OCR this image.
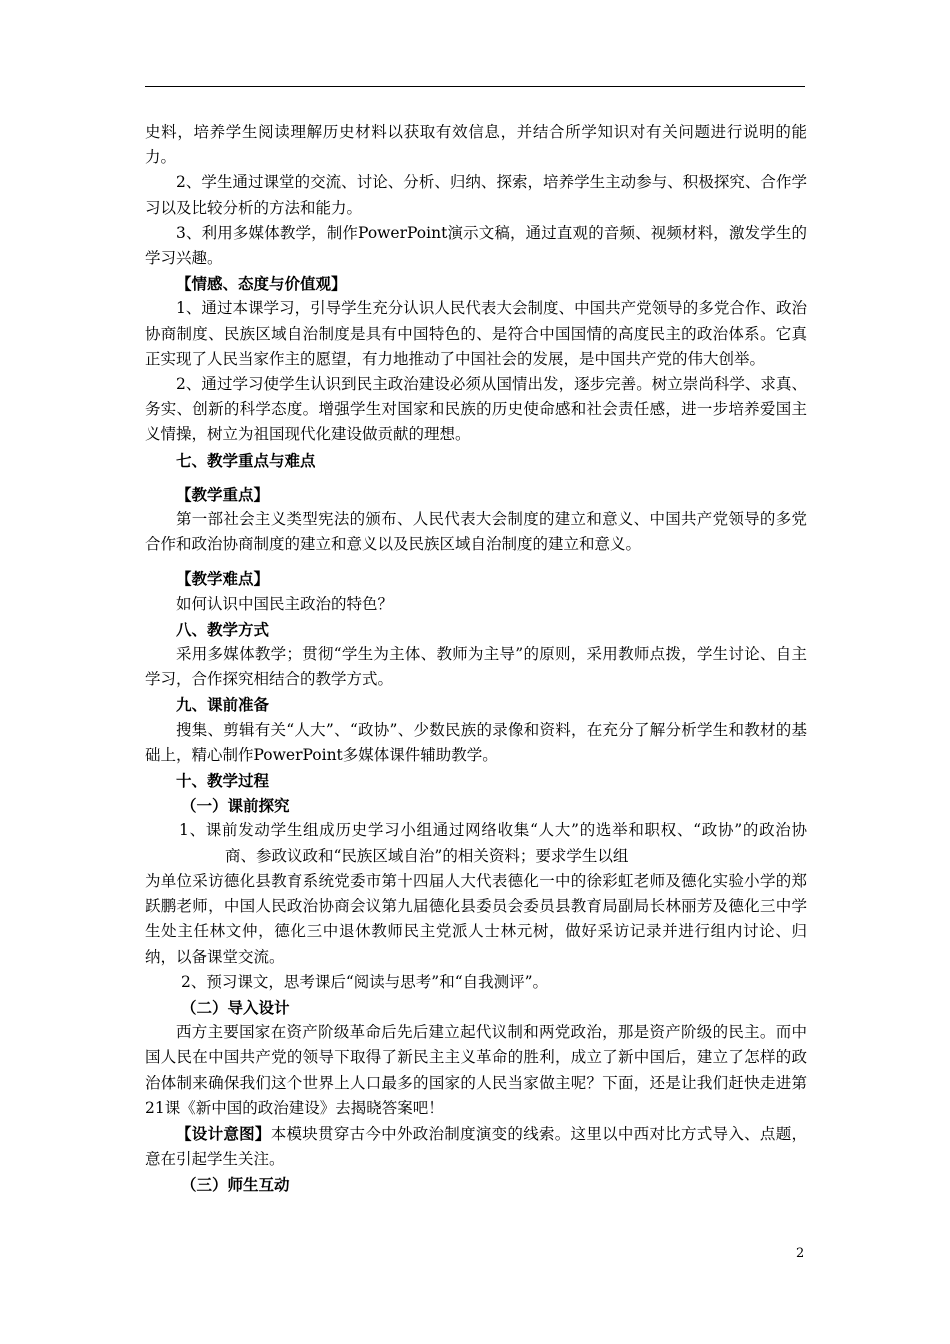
史料，培养学生阅读理解历史材料以获取有效信息，并结合所学知识对有关问题进行说明的能力。

2、学生通过课堂的交流、讨论、分析、归纳、探索，培养学生主动参与、积极探究、合作学习以及比较分析的方法和能力。

3、利用多媒体教学，制作PowerPoint演示文稿，通过直观的音频、视频材料，激发学生的学习兴趣。

【情感、态度与价值观】

1、通过本课学习，引导学生充分认识人民代表大会制度、中国共产党领导的多党合作、政治协商制度、民族区域自治制度是具有中国特色的、是符合中国国情的高度民主的政治体系。它真正实现了人民当家作主的愿望，有力地推动了中国社会的发展，是中国共产党的伟大创举。

2、通过学习使学生认识到民主政治建设必须从国情出发，逐步完善。树立崇尚科学、求真、务实、创新的科学态度。增强学生对国家和民族的历史使命感和社会责任感，进一步培养爱国主义情操，树立为祖国现代化建设做贡献的理想。

七、教学重点与难点

【教学重点】

第一部社会主义类型宪法的颁布、人民代表大会制度的建立和意义、中国共产党领导的多党合作和政治协商制度的建立和意义以及民族区域自治制度的建立和意义。

【教学难点】

如何认识中国民主政治的特色？

八、教学方式

采用多媒体教学；贯彻“学生为主体、教师为主导”的原则，采用教师点拨，学生讨论、自主学习，合作探究相结合的教学方式。

九、课前准备

搜集、剪辑有关“人大”、“政协”、少数民族的录像和资料，在充分了解分析学生和教材的基础上，精心制作PowerPoint多媒体课件辅助教学。

十、教学过程

（一）课前探究

1、课前发动学生组成历史学习小组通过网络收集“人大”的选举和职权、“政协”的政治协商、参政议政和“民族区域自治”的相关资料；要求学生以组

为单位采访德化县教育系统党委市第十四届人大代表德化一中的徐彩虹老师及德化实验小学的郑跃鹏老师，中国人民政治协商会议第九届德化县委员会委员县教育局副局长林丽芳及德化三中学生处主任林文仲，德化三中退休教师民主党派人士林元树，做好采访记录并进行组内讨论、归纳，以备课堂交流。

2、预习课文，思考课后“阅读与思考”和“自我测评”。

（二）导入设计

西方主要国家在资产阶级革命后先后建立起代议制和两党政治，那是资产阶级的民主。而中国人民在中国共产党的领导下取得了新民主主义革命的胜利，成立了新中国后，建立了怎样的政治体制来确保我们这个世界上人口最多的国家的人民当家做主呢？下面，还是让我们赶快走进第21课《新中国的政治建设》去揭晓答案吧！

【设计意图】本模块贯穿古今中外政治制度演变的线索。这里以中西对比方式导入、点题，意在引起学生关注。

（三）师生互动

2
